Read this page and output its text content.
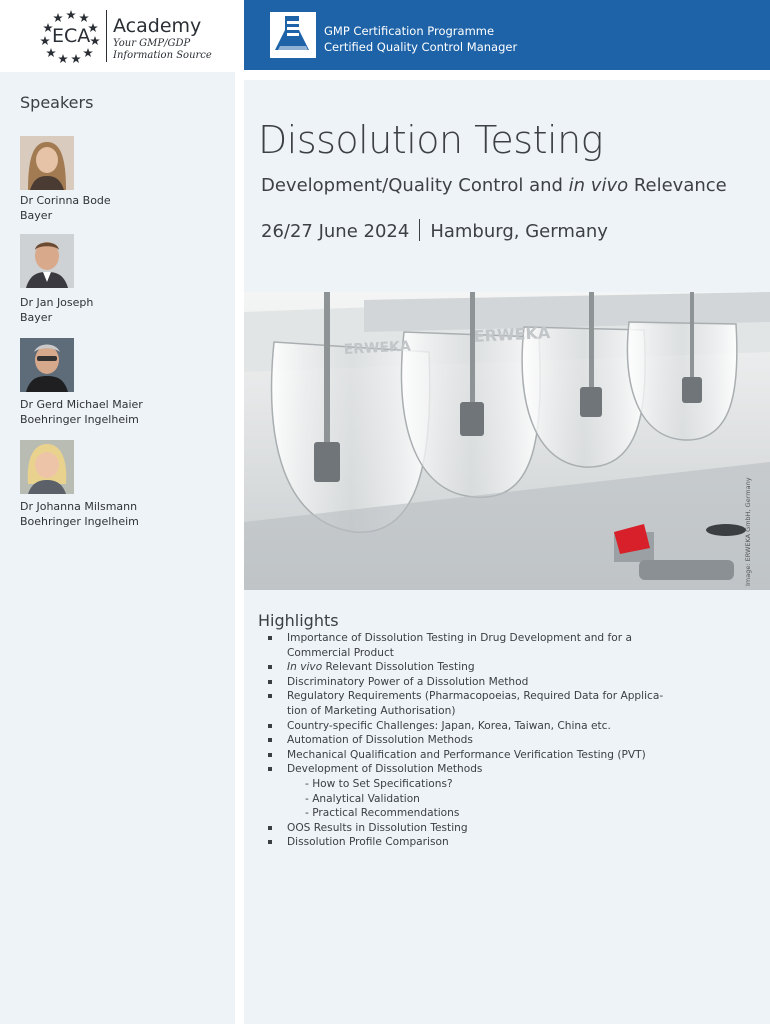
ECA Academy
Your GMP/GDP
Information Source
GMP Certification Programme
Certified Quality Control Manager
Speakers
Dr Corinna Bode
Bayer
Dr Jan Joseph
Bayer
Dr Gerd Michael Maier
Boehringer Ingelheim
Dr Johanna Milsmann
Boehringer Ingelheim
Dissolution Testing
Development/Quality Control and in vivo Relevance
26/27 June 2024 Hamburg, Germany
ERWEKA
ERWEKA
Image: ERWEKA GmbH, Germany
Highlights
Importance of Dissolution Testing in Drug Development and for a
Commercial Product
In vivo Relevant Dissolution Testing
Discriminatory Power of a Dissolution Method
Regulatory Requirements (Pharmacopoeias, Required Data for Applica-
tion of Marketing Authorisation)
Country-specific Challenges: Japan, Korea, Taiwan, China etc.
Automation of Dissolution Methods
Mechanical Qualification and Performance Verification Testing (PVT)
Development of Dissolution Methods
- How to Set Specifications?
- Analytical Validation
- Practical Recommendations
OOS Results in Dissolution Testing
Dissolution Profile Comparison
